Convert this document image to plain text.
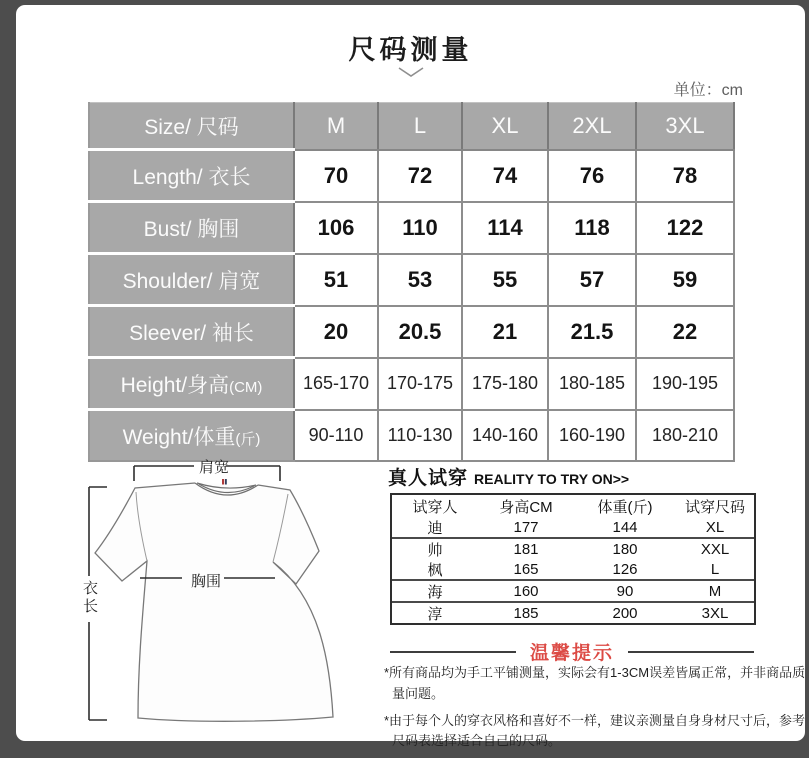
尺码测量
单位：cm
Size/ 尺码	M	L	XL	2XL	3XL
Length/ 衣长	70	72	74	76	78
Bust/ 胸围	106	110	114	118	122
Shoulder/ 肩宽	51	53	55	57	59
Sleever/ 袖长	20	20.5	21	21.5	22
Height/身高(CM)	165-170	170-175	175-180	180-185	190-195
Weight/体重(斤)	90-110	110-130	140-160	160-190	180-210
肩宽
胸围
衣长
真人试穿 REALITY TO TRY ON>>
试穿人	身高CM	体重(斤)	试穿尺码
迪	177	144	XL
帅	181	180	XXL
枫	165	126	L
海	160	90	M
淳	185	200	3XL
温馨提示

*所有商品均为手工平铺测量，实际会有1-3CM误差皆属正常，并非商品质量问题。

*由于每个人的穿衣风格和喜好不一样，建议亲测量自身身材尺寸后，参考尺码表选择适合自己的尺码。
